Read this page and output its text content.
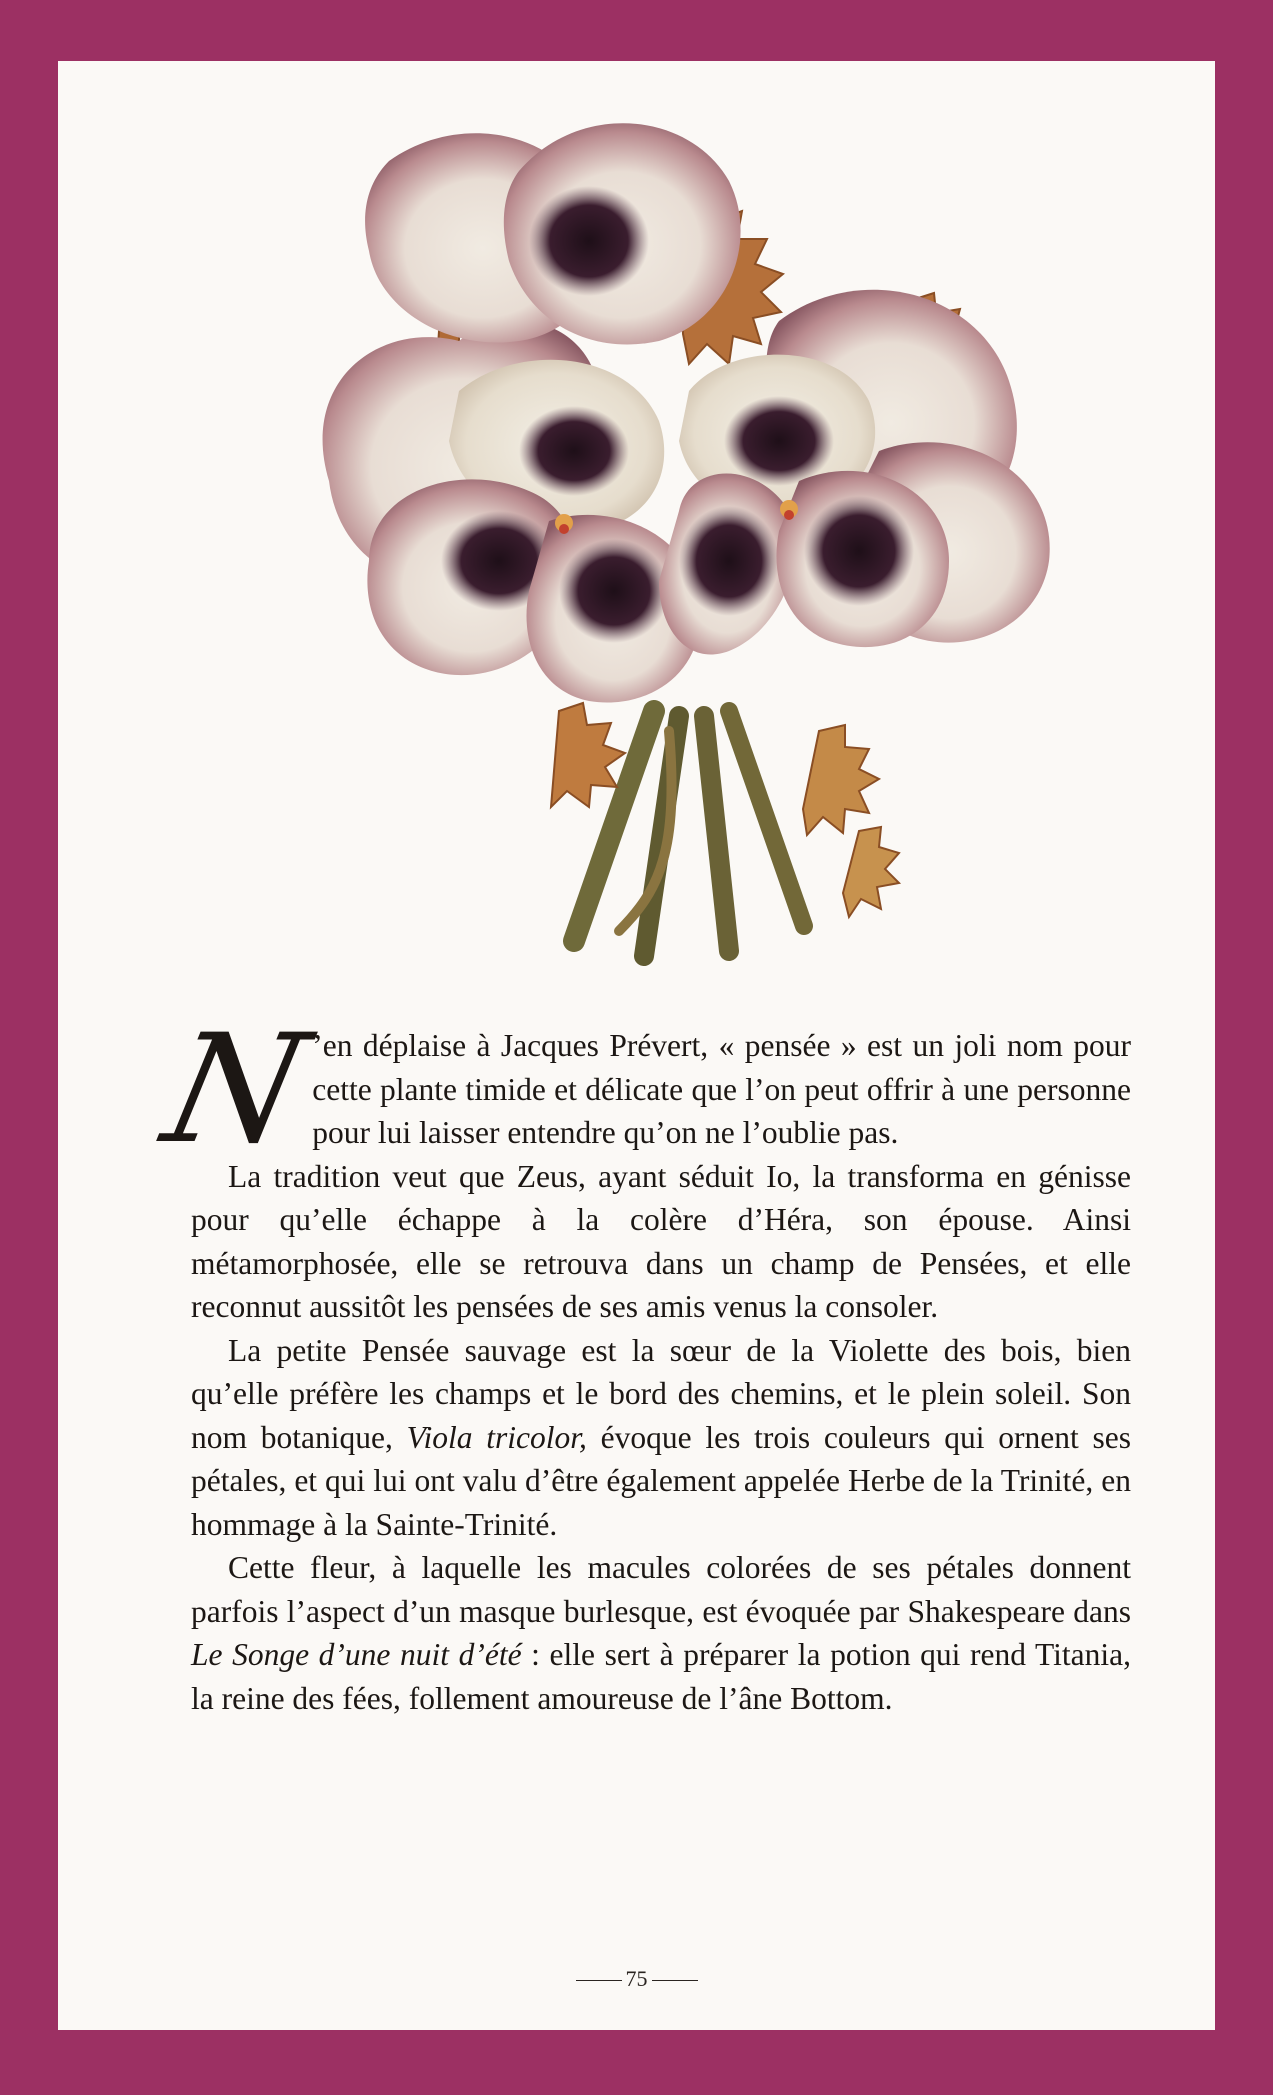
N
’en déplaise à Jacques Prévert, « pensée » est un joli nom pour cette plante timide et délicate que l’on peut offrir à une personne pour lui laisser entendre qu’on ne l’oublie pas.

La tradition veut que Zeus, ayant séduit Io, la transforma en génisse pour qu’elle échappe à la colère d’Héra, son épouse. Ainsi métamorphosée, elle se retrouva dans un champ de Pensées, et elle reconnut aussitôt les pensées de ses amis venus la consoler.

La petite Pensée sauvage est la sœur de la Violette des bois, bien qu’elle préfère les champs et le bord des chemins, et le plein soleil. Son nom botanique, Viola tricolor, évoque les trois couleurs qui ornent ses pétales, et qui lui ont valu d’être également appelée Herbe de la Trinité, en hommage à la Sainte-Trinité.

Cette fleur, à laquelle les macules colorées de ses pétales donnent parfois l’aspect d’un masque burlesque, est évoquée par Shakespeare dans Le Songe d’une nuit d’été : elle sert à préparer la potion qui rend Titania, la reine des fées, follement amoureuse de l’âne Bottom.

75
